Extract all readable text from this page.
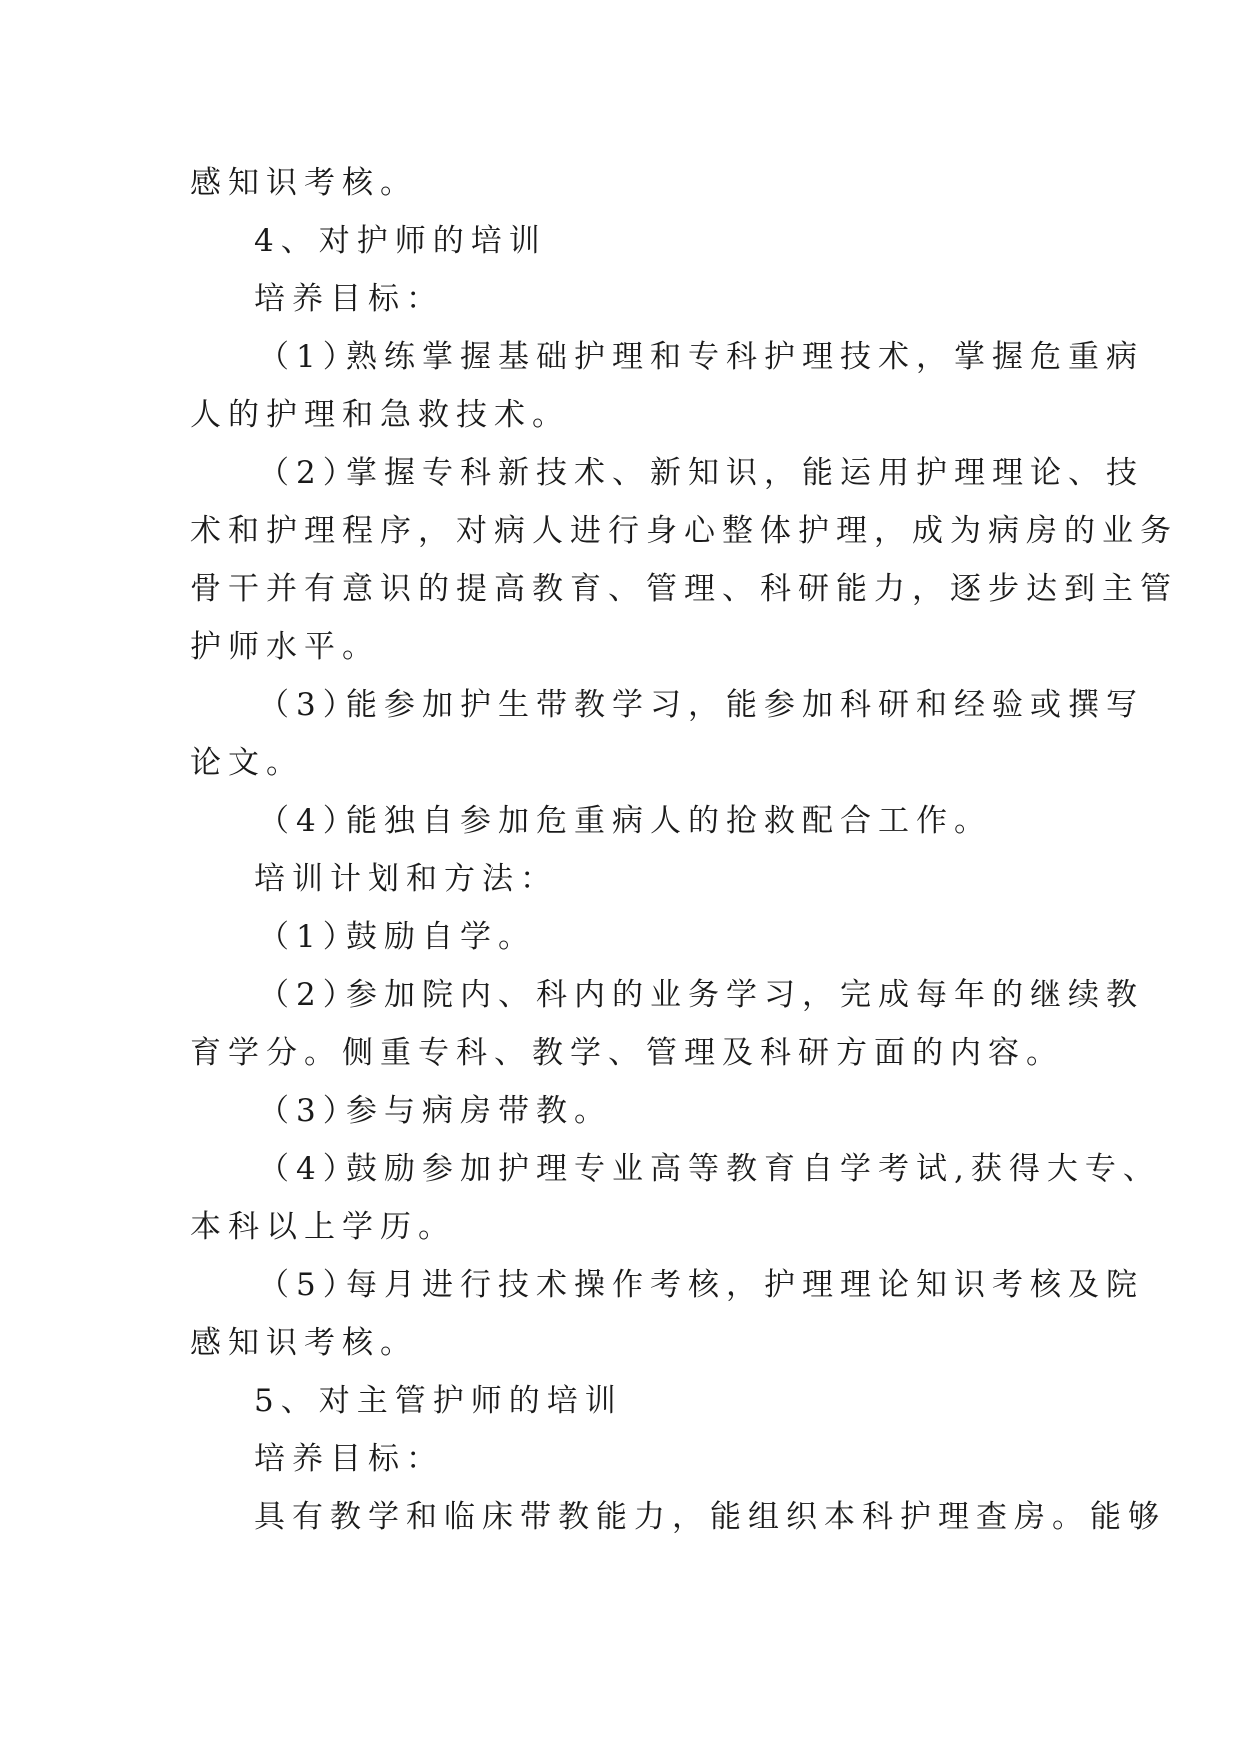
感知识考核。
4、对护师的培训
培养目标：
（1）熟练掌握基础护理和专科护理技术，掌握危重病
人的护理和急救技术。
（2）掌握专科新技术、新知识，能运用护理理论、技
术和护理程序，对病人进行身心整体护理，成为病房的业务
骨干并有意识的提高教育、管理、科研能力，逐步达到主管
护师水平。
（3）能参加护生带教学习，能参加科研和经验或撰写
论文。
（4）能独自参加危重病人的抢救配合工作。
培训计划和方法：
（1）鼓励自学。
（2）参加院内、科内的业务学习，完成每年的继续教
育学分。侧重专科、教学、管理及科研方面的内容。
（3）参与病房带教。
（4）鼓励参加护理专业高等教育自学考试,获得大专、
本科以上学历。
（5）每月进行技术操作考核，护理理论知识考核及院
感知识考核。
5、对主管护师的培训
培养目标：
具有教学和临床带教能力，能组织本科护理查房。能够
